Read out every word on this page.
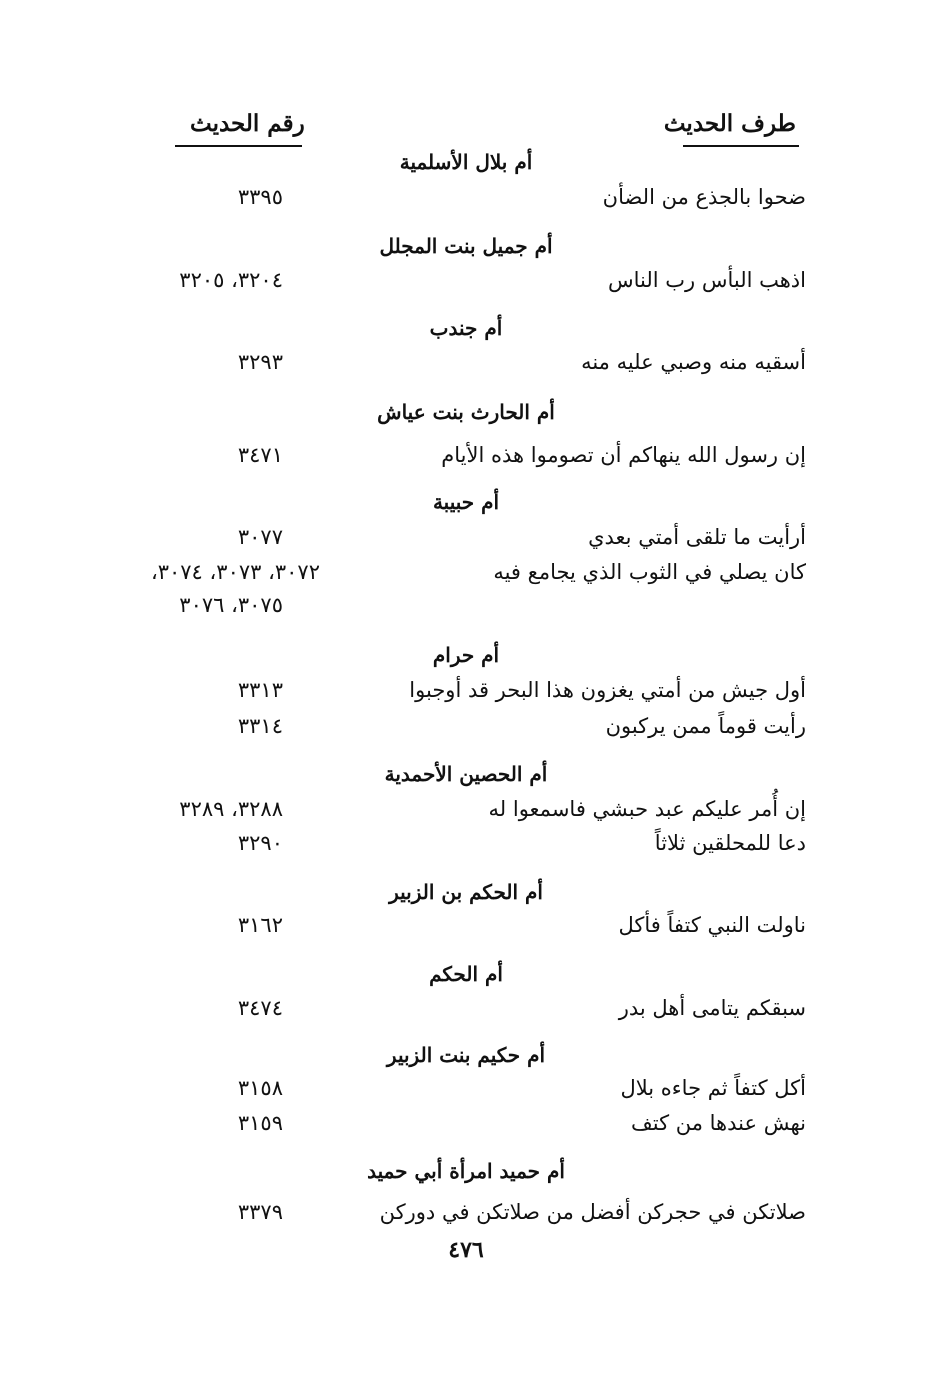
طرف الحديث
رقم الحديث
أم بلال الأسلمية
ضحوا بالجذع من الضأن
٣٣٩٥
أم جميل بنت المجلل
اذهب البأس رب الناس
٣٢٠٤، ٣٢٠٥
أم جندب
أسقيه منه وصبي عليه منه
٣٢٩٣
أم الحارث بنت عياش
إن رسول الله ينهاكم أن تصوموا هذه الأيام
٣٤٧١
أم حبيبة
أرأيت ما تلقى أمتي بعدي
٣٠٧٧
كان يصلي في الثوب الذي يجامع فيه
٣٠٧٢، ٣٠٧٣، ٣٠٧٤،
٣٠٧٥، ٣٠٧٦
أم حرام
أول جيش من أمتي يغزون هذا البحر قد أوجبوا
٣٣١٣
رأيت قوماً ممن يركبون
٣٣١٤
أم الحصين الأحمدية
إن أُمر عليكم عبد حبشي فاسمعوا له
٣٢٨٨، ٣٢٨٩
دعا للمحلقين ثلاثاً
٣٢٩٠
أم الحكم بن الزبير
ناولت النبي كتفاً فأكل
٣١٦٢
أم الحكم
سبقكم يتامى أهل بدر
٣٤٧٤
أم حكيم بنت الزبير
أكل كتفاً ثم جاءه بلال
٣١٥٨
نهش عندها من كتف
٣١٥٩
أم حميد امرأة أبي حميد
صلاتكن في حجركن أفضل من صلاتكن في دوركن
٣٣٧٩
٤٧٦
